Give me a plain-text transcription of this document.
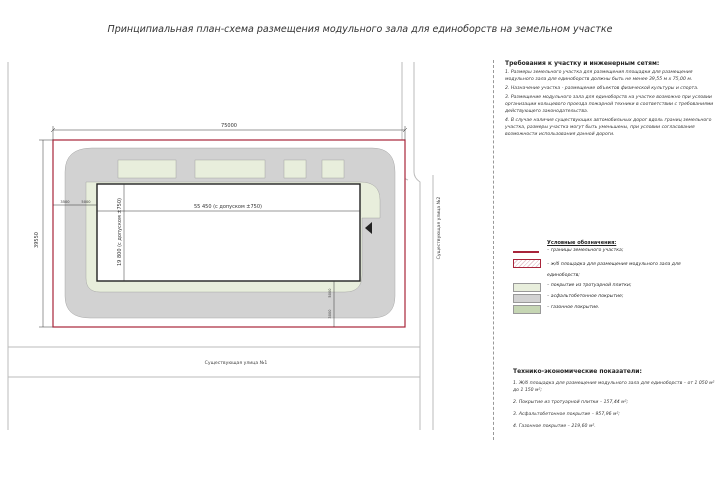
Принципиальная план-схема размещения модульного зала для единоборств на земельном участке
75000
39550
55 450 (с допуском ±750)
19 800 (с допуском ±750)
3500	5000
5000
3000
Существующая улица №1
Существующая улица №2
Требования к участку и инженерным сетям:
1. Размеры земельного участка для размещения площадки для размещения модульного зала для единоборств должны быть не менее 39,55 м х 75,00 м.
2. Назначение участка - размещение объектов физической культуры и спорта.
3. Размещение модульного зала для единоборств на участке возможно при условии организации кольцевого проезда пожарной техники в соответствии с требованиями действующего законодательства.
4. В случае наличия существующих автомобильных дорог вдоль границ земельного участка, размеры участка могут быть уменьшены, при условии согласования возможности использования данной дороги.
Условные обозначения:
– границы земельного участка;
– ж/б площадка для размещения модульного зала для единоборств;
– покрытие из тротуарной плитки;
– асфальтобетонное покрытие;
– газонное покрытие.
Технико-экономические показатели:
1. Ж/б площадка для размещения модульного зала для единоборств – от 1 050 м² до 1 150 м²;
2. Покрытие из тротуарной плитки – 157,44 м²;
3. Асфальтобетонное покрытие – 957,96 м²;
4. Газонное покрытие – 219,60 м².
